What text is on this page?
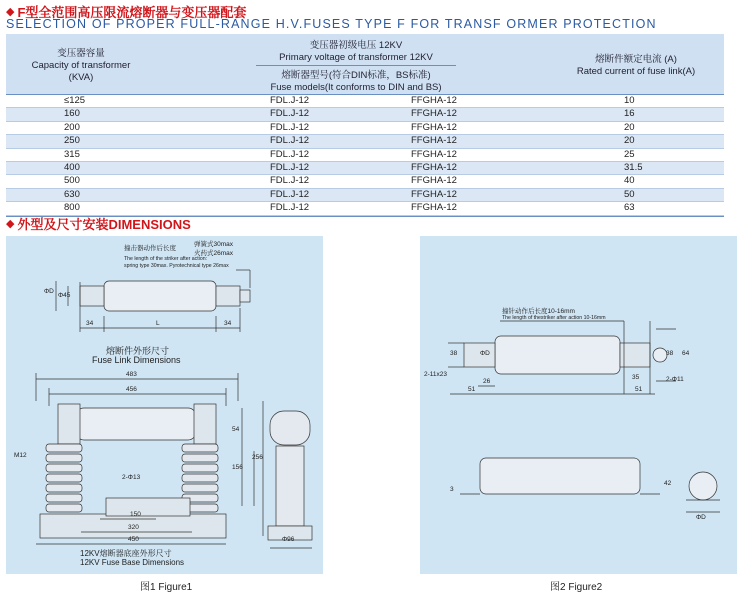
◆ F型全范围高压限流熔断器与变压器配套
SELECTION OF PROPER FULL-RANGE H.V.FUSES TYPE F FOR TRANSF ORMER PROTECTION
变压器容量
Capacity of transformer
(KVA)
变压器初级电压 12KV
Primary voltage of transformer 12KV
熔断器型号(符合DIN标准，BS标准)
Fuse models(It conforms to DIN and BS)
熔断件额定电流 (A)
Rated current of fuse link(A)
≤125	FDL.J-12	FFGHA-12	10
160	FDL.J-12	FFGHA-12	16
200	FDL.J-12	FFGHA-12	20
250	FDL.J-12	FFGHA-12	20
315	FDL.J-12	FFGHA-12	25
400	FDL.J-12	FFGHA-12	31.5
500	FDL.J-12	FFGHA-12	40
630	FDL.J-12	FFGHA-12	50
800	FDL.J-12	FFGHA-12	63
◆ 外型及尺寸安装DIMENSIONS
撞击器动作后长度
弹簧式30max
火药式26max
The length of the striker after action:
spring type 30max. Pyrotechnical type 26max
ΦD
Φ45
34	L	34
熔断件外形尺寸
Fuse Link Dimensions
483
456
M12
2-Φ13
150
320
450
54
156
256
Φ96
12KV熔断器底座外形尺寸
12KV Fuse Base Dimensions
图1 Figure1
撞针动作后长度10-16mm
The length of thestriker after action 10-16mm
38	ΦD	38 64
2-11x23
26
35	2-Φ11
51	51
3
42
ΦD
图2 Figure2
